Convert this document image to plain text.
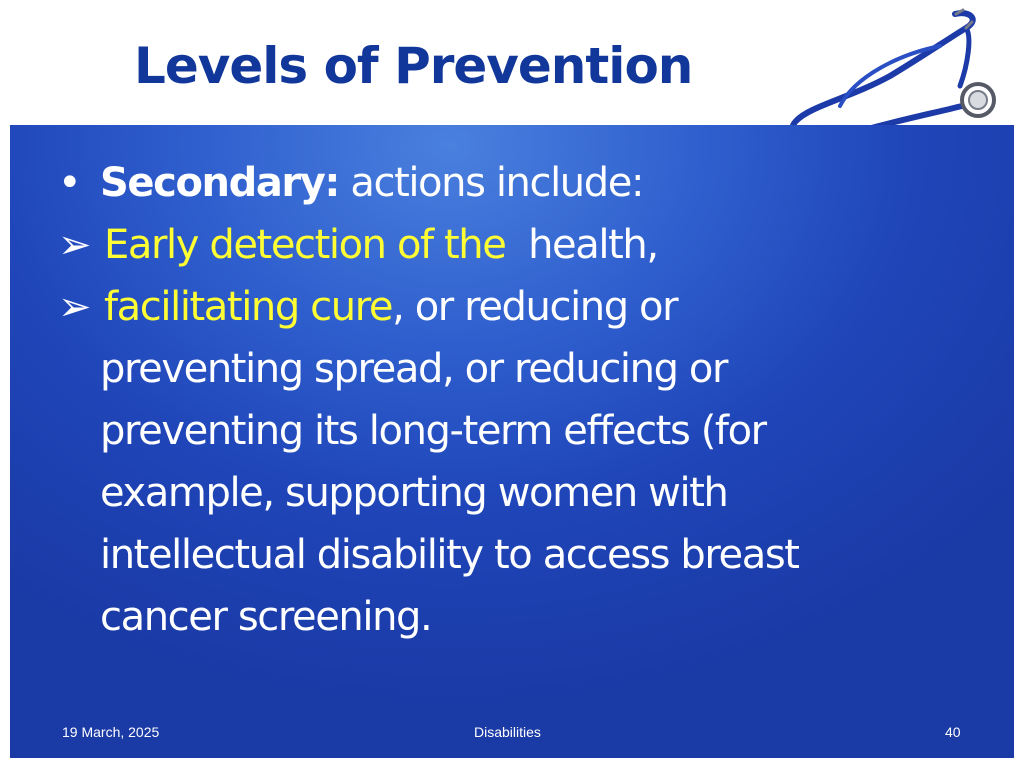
Levels of Prevention
• Secondary:
actions include:
➢ Early detection of the
health,
➢ facilitating cure , or reducing or
preventing spread, or reducing or
preventing its long-term effects (for
example, supporting women with
intellectual disability to access breast
cancer screening.
19 March, 2025	Disabilities	40
